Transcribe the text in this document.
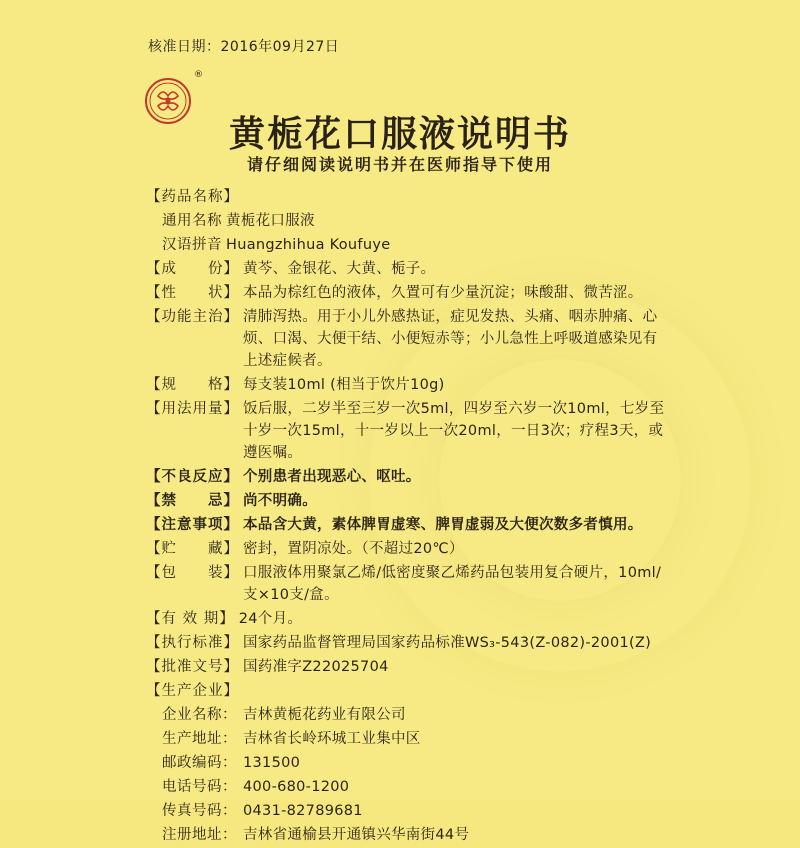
核准日期：2016年09月27日
®
黄栀花口服液说明书
请仔细阅读说明书并在医师指导下使用
【药品名称】
通用名称 黄栀花口服液
汉语拼音 Huangzhihua Koufuye
【成　　份】 黄芩、金银花、大黄、栀子。
【性　　状】 本品为棕红色的液体，久置可有少量沉淀；味酸甜、微苦涩。
【功能主治】 清肺泻热。用于小儿外感热证，症见发热、头痛、咽赤肿痛、心烦、口渴、大便干结、小便短赤等；小儿急性上呼吸道感染见有上述症候者。
【规　　格】 每支装10ml (相当于饮片10g)
【用法用量】 饭后服，二岁半至三岁一次5ml，四岁至六岁一次10ml，七岁至十岁一次15ml，十一岁以上一次20ml，一日3次；疗程3天，或遵医嘱。
【不良反应】 个别患者出现恶心、呕吐。
【禁　　忌】 尚不明确。
【注意事项】 本品含大黄，素体脾胃虚寒、脾胃虚弱及大便次数多者慎用。
【贮　　藏】 密封，置阴凉处。（不超过20℃）
【包　　装】 口服液体用聚氯乙烯/低密度聚乙烯药品包装用复合硬片，10ml/支×10支/盒。
【有 效 期】 24个月。
【执行标准】 国家药品监督管理局国家药品标准WS₃-543(Z-082)-2001(Z)
【批准文号】 国药准字Z22025704
【生产企业】
企业名称： 吉林黄栀花药业有限公司
生产地址： 吉林省长岭环城工业集中区
邮政编码： 131500
电话号码： 400-680-1200
传真号码： 0431-82789681
注册地址： 吉林省通榆县开通镇兴华南街44号
